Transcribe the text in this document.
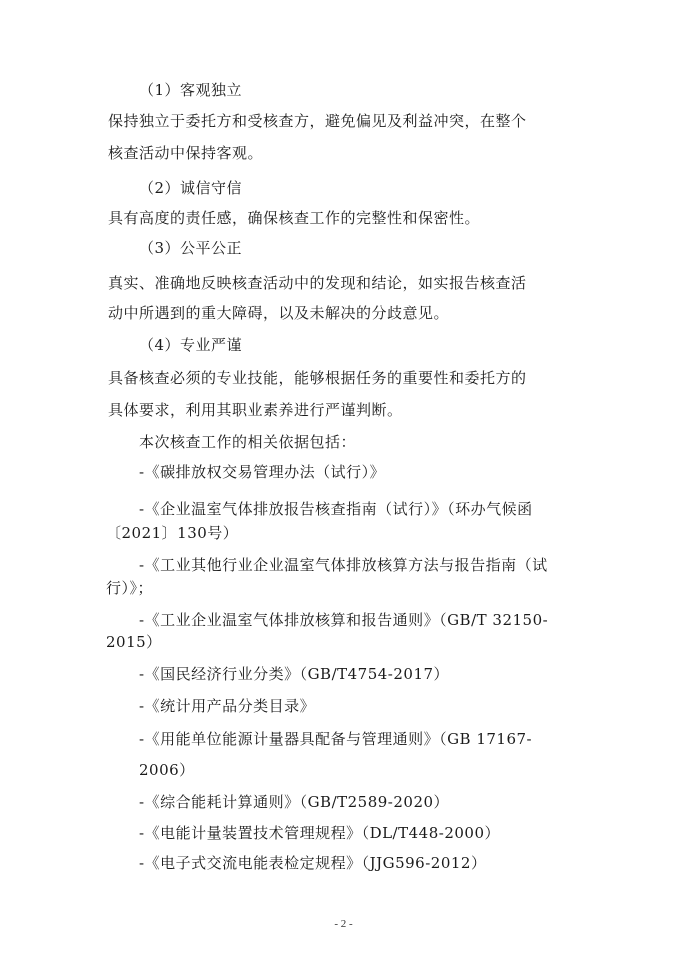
（1）客观独立
保持独立于委托方和受核查方，避免偏见及利益冲突，在整个
核查活动中保持客观。
（2）诚信守信
具有高度的责任感，确保核查工作的完整性和保密性。
（3）公平公正
真实、准确地反映核查活动中的发现和结论，如实报告核查活
动中所遇到的重大障碍，以及未解决的分歧意见。
（4）专业严谨
具备核查必须的专业技能，能够根据任务的重要性和委托方的
具体要求，利用其职业素养进行严谨判断。
本次核查工作的相关依据包括：
-《碳排放权交易管理办法（试行）》
-《企业温室气体排放报告核查指南（试行）》（环办气候函
〔2021〕130号）
-《工业其他行业企业温室气体排放核算方法与报告指南（试
行）》；
-《工业企业温室气体排放核算和报告通则》（GB/T 32150-
2015）
-《国民经济行业分类》（GB/T4754-2017）
-《统计用产品分类目录》
-《用能单位能源计量器具配备与管理通则》（GB 17167-
2006）
-《综合能耗计算通则》（GB/T2589-2020）
-《电能计量装置技术管理规程》（DL/T448-2000）
-《电子式交流电能表检定规程》（JJG596-2012）
- 2 -
